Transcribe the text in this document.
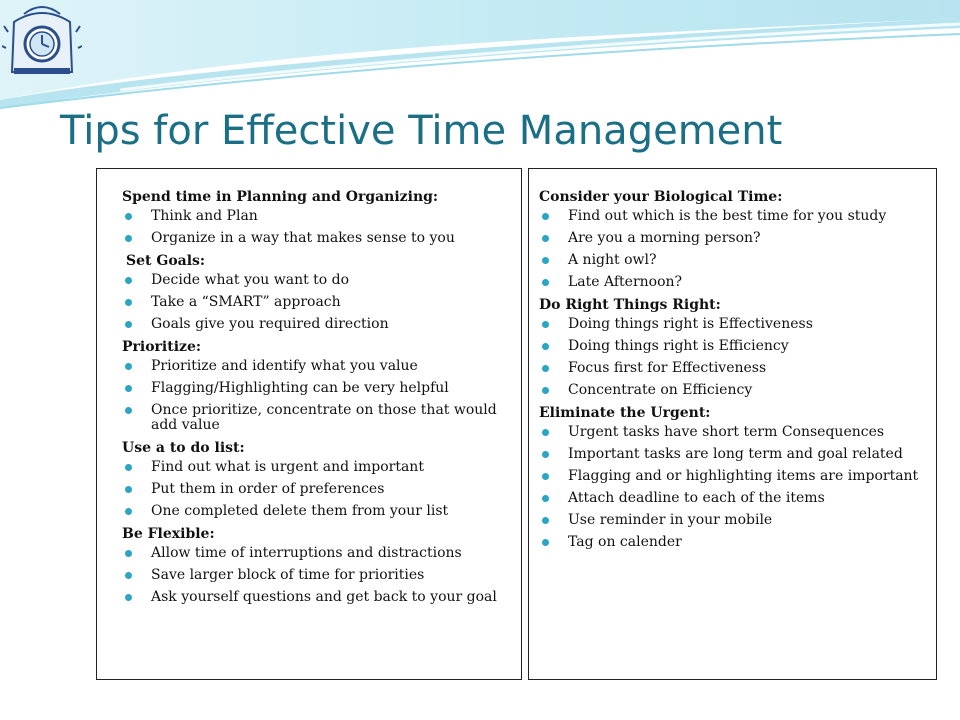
Tips for Effective Time Management
Spend time in Planning and Organizing:
Think and Plan
Organize in a way that makes sense to you
Set Goals:
Decide what you want to do
Take a “SMART” approach
Goals give you required direction
Prioritize:
Prioritize and identify what you value
Flagging/Highlighting can be very helpful
Once prioritize, concentrate on those that would add value
Use a to do list:
Find out what is urgent and important
Put them in order of preferences
One completed delete them from your list
Be Flexible:
Allow time of interruptions and distractions
Save larger block of time for priorities
Ask yourself questions and get back to your goal
Consider your Biological Time:
Find out which is the best time for you study
Are you a morning person?
A night owl?
Late Afternoon?
Do Right Things Right:
Doing things right is Effectiveness
Doing things right is Efficiency
Focus first for Effectiveness
Concentrate on Efficiency
Eliminate the Urgent:
Urgent tasks have short term Consequences
Important tasks are long term and goal related
Flagging and or highlighting items are important
Attach deadline to each of the items
Use reminder in your mobile
Tag on calender
